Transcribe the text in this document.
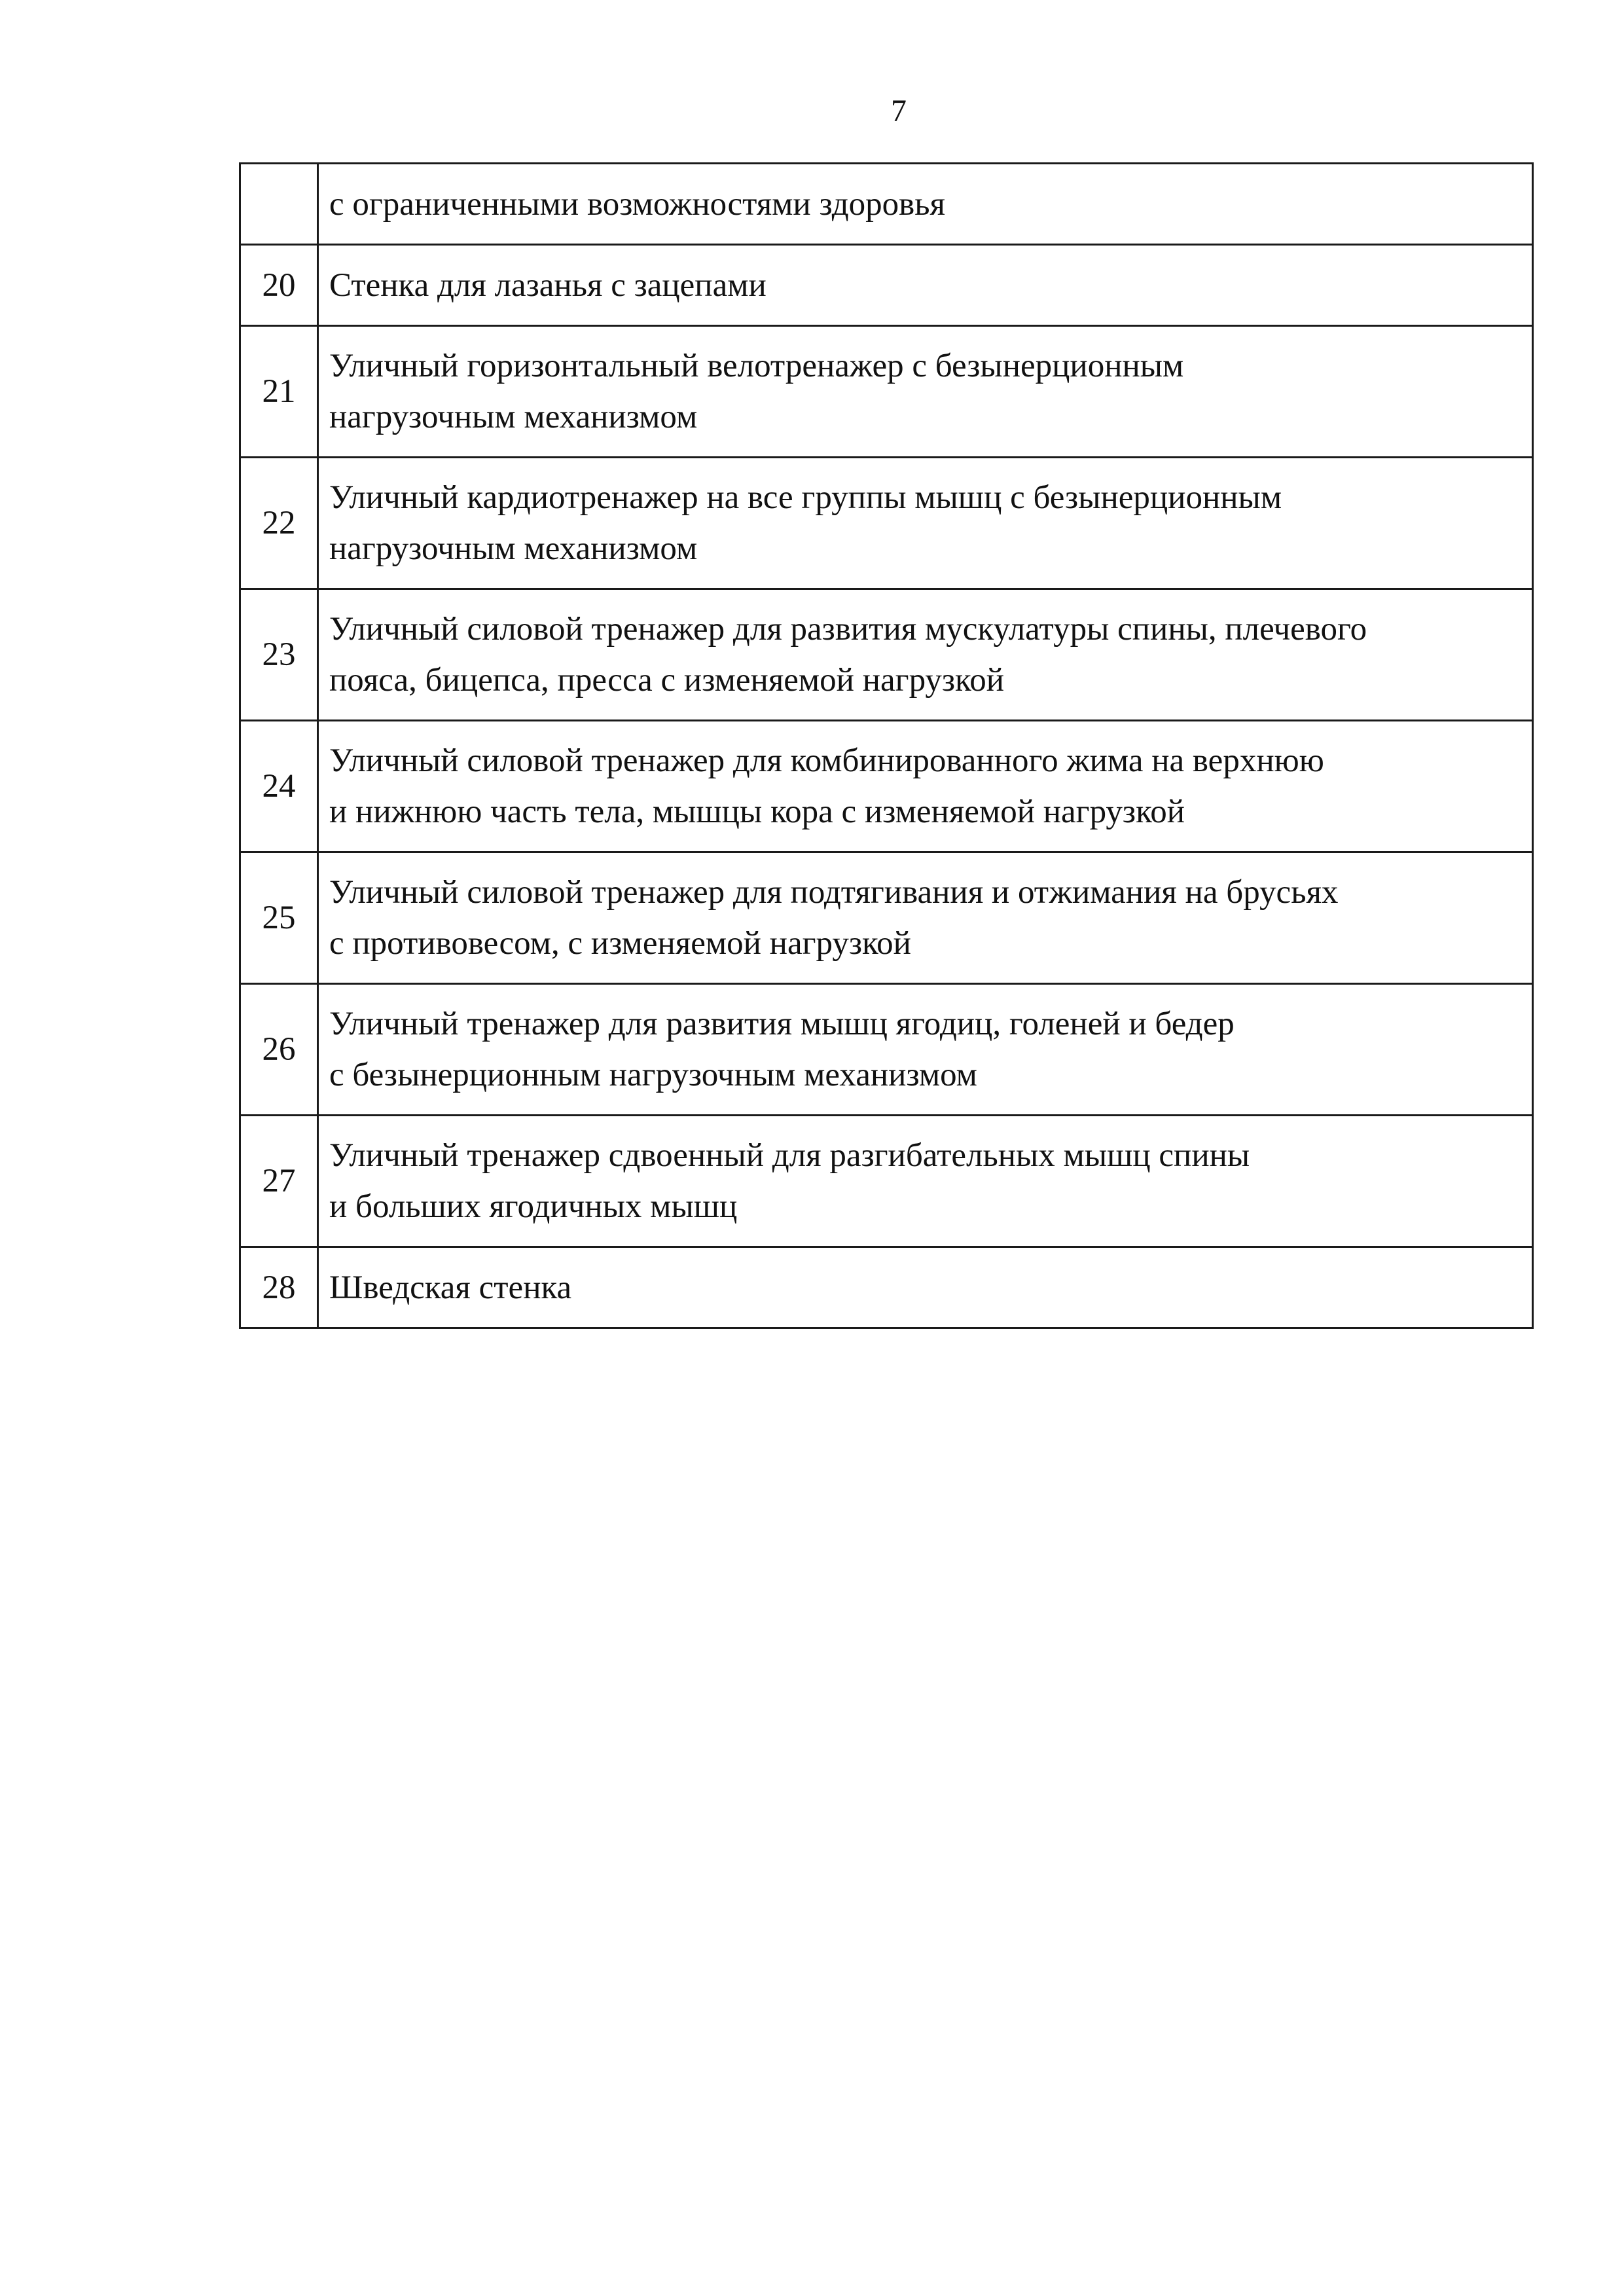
7

	с ограниченными возможностями здоровья

20	Стенка для лазанья с зацепами

21	Уличный горизонтальный велотренажер с безынерционным
нагрузочным механизмом

22	Уличный кардиотренажер на все группы мышц с безынерционным
нагрузочным механизмом

23	Уличный силовой тренажер для развития мускулатуры спины, плечевого
пояса, бицепса, пресса с изменяемой нагрузкой

24	Уличный силовой тренажер для комбинированного жима на верхнюю
и нижнюю часть тела, мышцы кора с изменяемой нагрузкой

25	Уличный силовой тренажер для подтягивания и отжимания на брусьях
с противовесом, с изменяемой нагрузкой

26	Уличный тренажер для развития мышц ягодиц, голеней и бедер
с безынерционным нагрузочным механизмом

27	Уличный тренажер сдвоенный для разгибательных мышц спины
и больших ягодичных мышц

28	Шведская стенка
